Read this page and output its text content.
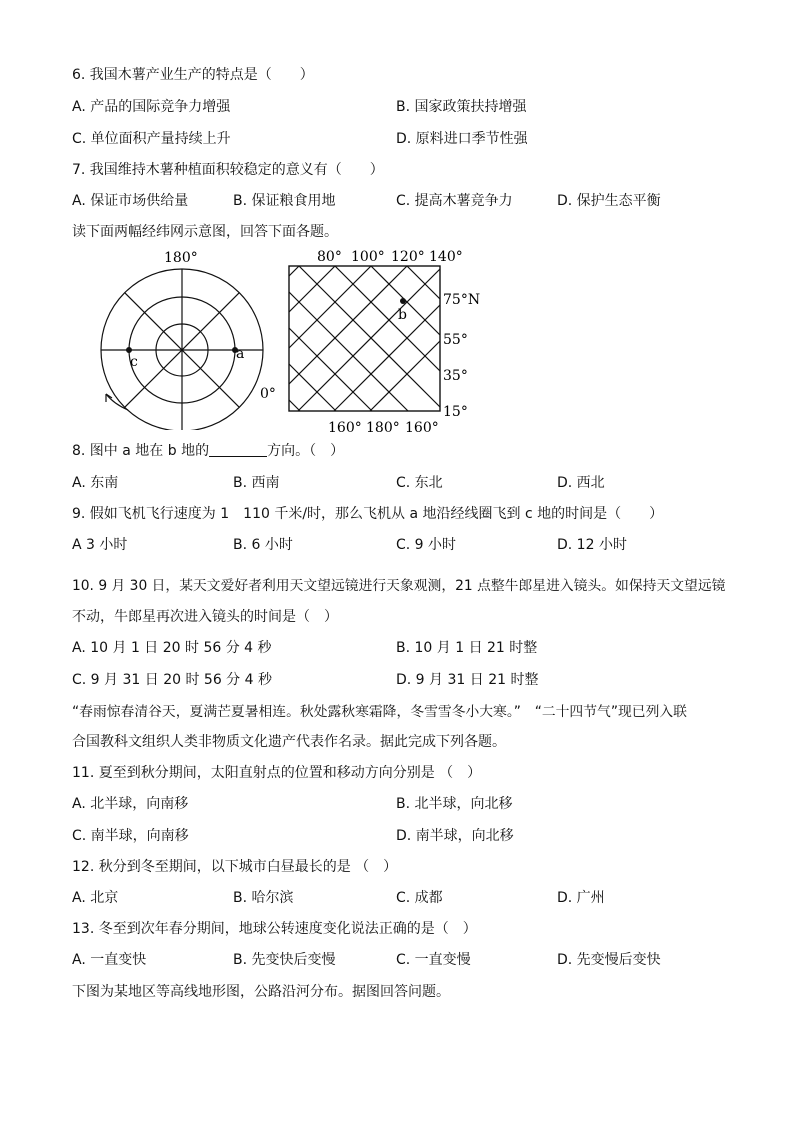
6. 我国木薯产业生产的特点是（　　）
A. 产品的国际竞争力增强	B. 国家政策扶持增强
C. 单位面积产量持续上升	D. 原料进口季节性强
7. 我国维持木薯种植面积较稳定的意义有（　　）
A. 保证市场供给量	B. 保证粮食用地	C. 提高木薯竞争力	D. 保护生态平衡
读下面两幅经纬网示意图，回答下面各题。
180°
c	a
0°
80° 100° 120° 140°
b
75°N
55°
35°
15°
160° 180° 160°
8. 图中 a 地在 b 地的	方向。（　）
A. 东南	B. 西南	C. 东北	D. 西北
9. 假如飞机飞行速度为 1　110 千米/时，那么飞机从 a 地沿经线圈飞到 c 地的时间是（　　）
A 3 小时	B. 6 小时	C. 9 小时	D. 12 小时
10. 9 月 30 日，某天文爱好者利用天文望远镜进行天象观测，21 点整牛郎星进入镜头。如保持天文望远镜
不动，牛郎星再次进入镜头的时间是（　）
A. 10 月 1 日 20 时 56 分 4 秒	B. 10 月 1 日 21 时整
C. 9 月 31 日 20 时 56 分 4 秒	D. 9 月 31 日 21 时整
“春雨惊春清谷天，夏满芒夏暑相连。秋处露秋寒霜降，冬雪雪冬小大寒。”　“二十四节气”现已列入联
合国教科文组织人类非物质文化遗产代表作名录。据此完成下列各题。
11. 夏至到秋分期间，太阳直射点的位置和移动方向分别是 （　）
A. 北半球，向南移	B. 北半球，向北移
C. 南半球，向南移	D. 南半球，向北移
12. 秋分到冬至期间，以下城市白昼最长的是 （　）
A. 北京	B. 哈尔滨	C. 成都	D. 广州
13. 冬至到次年春分期间，地球公转速度变化说法正确的是（　）
A. 一直变快	B. 先变快后变慢	C. 一直变慢	D. 先变慢后变快
下图为某地区等高线地形图，公路沿河分布。据图回答问题。
